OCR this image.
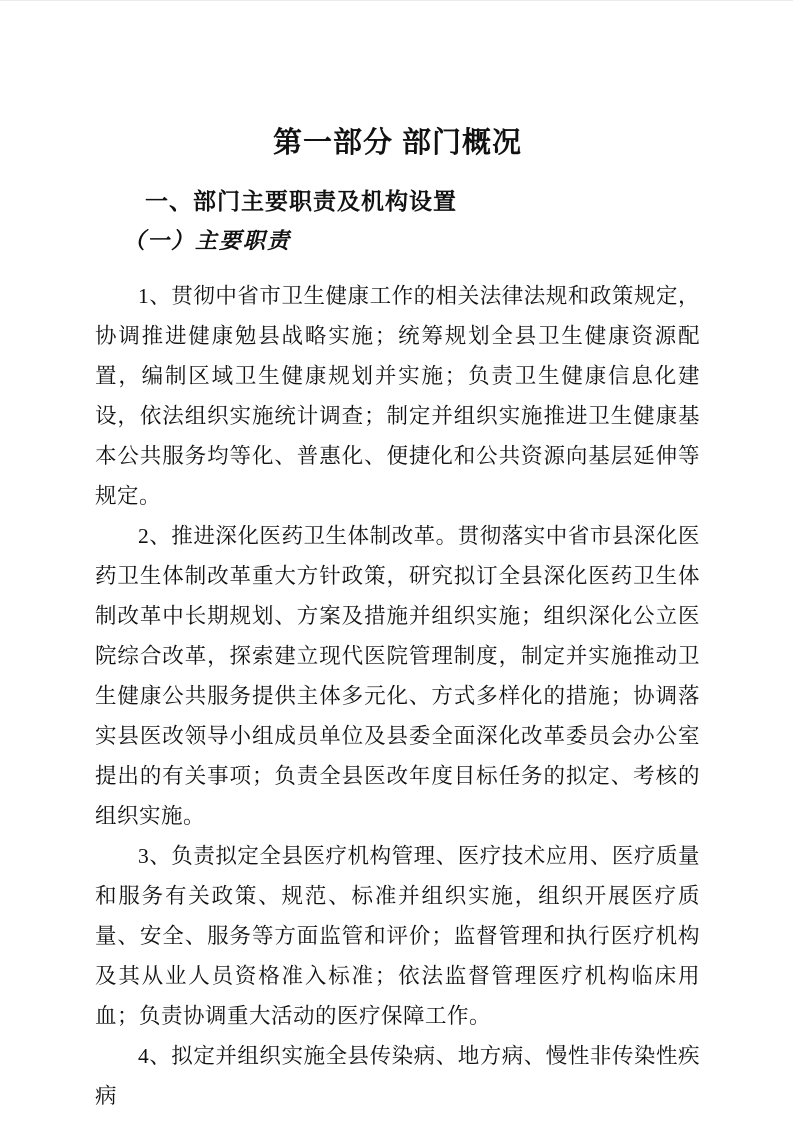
第一部分 部门概况
一、部门主要职责及机构设置
（一）主要职责

1、贯彻中省市卫生健康工作的相关法律法规和政策规定，协调推进健康勉县战略实施；统筹规划全县卫生健康资源配置，编制区域卫生健康规划并实施；负责卫生健康信息化建设，依法组织实施统计调查；制定并组织实施推进卫生健康基本公共服务均等化、普惠化、便捷化和公共资源向基层延伸等规定。

2、推进深化医药卫生体制改革。贯彻落实中省市县深化医药卫生体制改革重大方针政策，研究拟订全县深化医药卫生体制改革中长期规划、方案及措施并组织实施；组织深化公立医院综合改革，探索建立现代医院管理制度，制定并实施推动卫生健康公共服务提供主体多元化、方式多样化的措施；协调落实县医改领导小组成员单位及县委全面深化改革委员会办公室提出的有关事项；负责全县医改年度目标任务的拟定、考核的组织实施。

3、负责拟定全县医疗机构管理、医疗技术应用、医疗质量和服务有关政策、规范、标准并组织实施，组织开展医疗质量、安全、服务等方面监管和评价；监督管理和执行医疗机构及其从业人员资格准入标准；依法监督管理医疗机构临床用血；负责协调重大活动的医疗保障工作。

4、拟定并组织实施全县传染病、地方病、慢性非传染性疾病
